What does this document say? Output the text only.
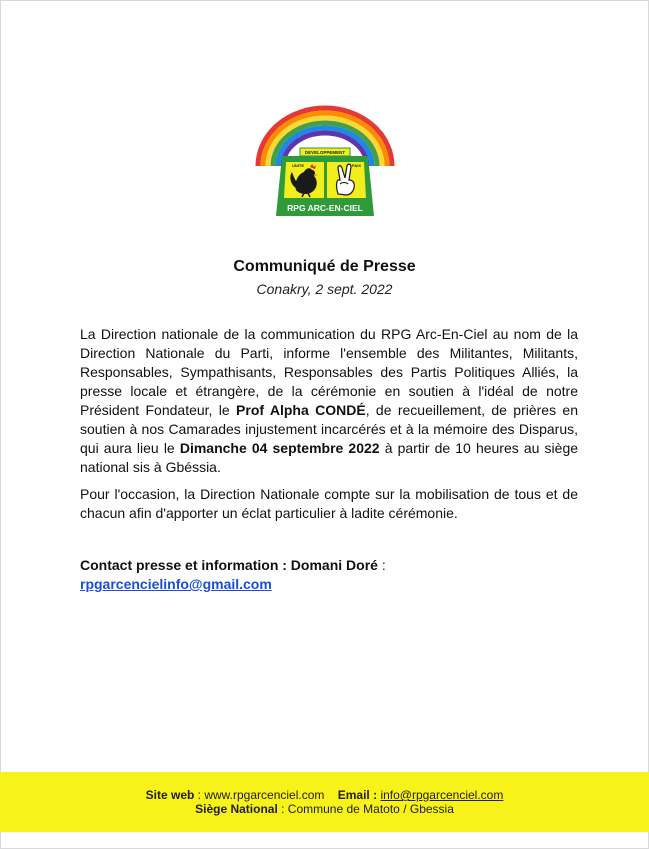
DEVELOPPEMENT
UNITE	PAIX
RPG ARC-EN-CIEL
Communiqué de Presse
Conakry, 2 sept. 2022

La Direction nationale de la communication du RPG Arc-En-Ciel au nom de la Direction Nationale du Parti, informe l'ensemble des Militantes, Militants, Responsables, Sympathisants, Responsables des Partis Politiques Alliés, la presse locale et étrangère, de la cérémonie en soutien à l'idéal de notre Président Fondateur, le Prof Alpha CONDÉ, de recueillement, de prières en soutien à nos Camarades injustement incarcérés et à la mémoire des Disparus, qui aura lieu le Dimanche 04 septembre 2022 à partir de 10 heures au siège national sis à Gbéssia.

Pour l'occasion, la Direction Nationale compte sur la mobilisation de tous et de chacun afin d'apporter un éclat particulier à ladite cérémonie.

Contact presse et information : Domani Doré :
rpgarcencielinfo@gmail.com
Site web : www.rpgarcenciel.com Email : info@rpgarcenciel.com
Siège National : Commune de Matoto / Gbessia
